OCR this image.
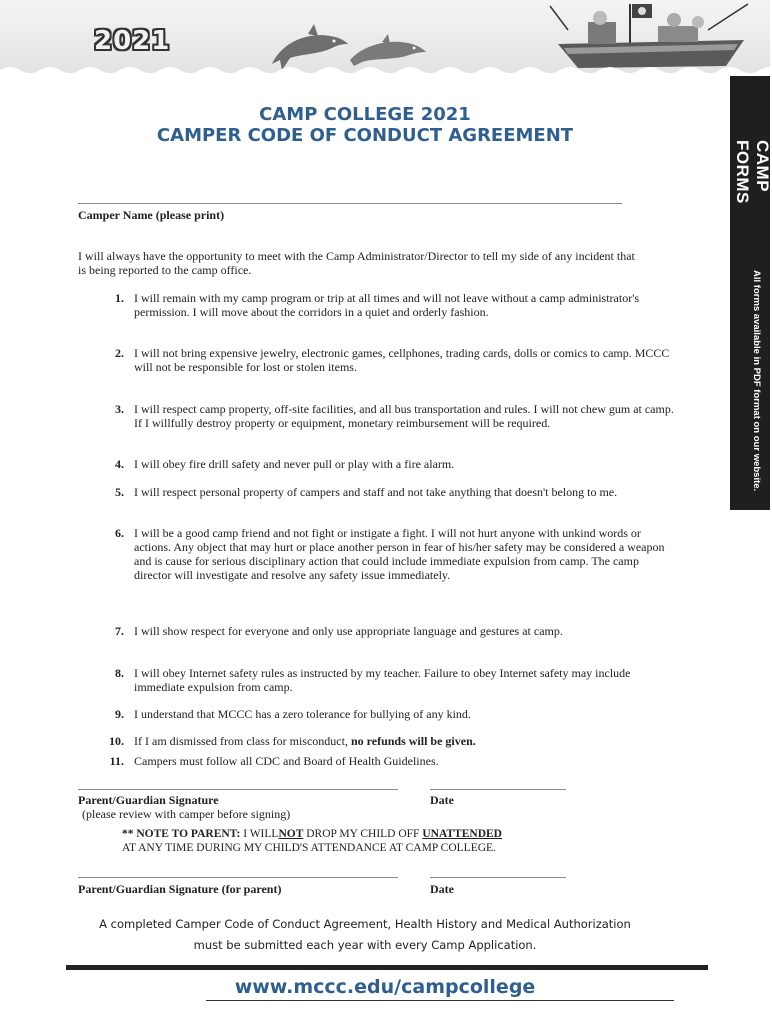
2021
CAMP FORMS
All forms available in PDF format on our website.
CAMP COLLEGE 2021
CAMPER CODE OF CONDUCT AGREEMENT
Camper Name (please print)
I will always have the opportunity to meet with the Camp Administrator/Director to tell my side of any incident that is being reported to the camp office.
1. I will remain with my camp program or trip at all times and will not leave without a camp administrator's permission. I will move about the corridors in a quiet and orderly fashion.
2. I will not bring expensive jewelry, electronic games, cellphones, trading cards, dolls or comics to camp. MCCC will not be responsible for lost or stolen items.
3. I will respect camp property, off-site facilities, and all bus transportation and rules. I will not chew gum at camp. If I willfully destroy property or equipment, monetary reimbursement will be required.
4. I will obey fire drill safety and never pull or play with a fire alarm.
5. I will respect personal property of campers and staff and not take anything that doesn't belong to me.
6. I will be a good camp friend and not fight or instigate a fight. I will not hurt anyone with unkind words or actions. Any object that may hurt or place another person in fear of his/her safety may be considered a weapon and is cause for serious disciplinary action that could include immediate expulsion from camp. The camp director will investigate and resolve any safety issue immediately.
7. I will show respect for everyone and only use appropriate language and gestures at camp.
8. I will obey Internet safety rules as instructed by my teacher. Failure to obey Internet safety may include immediate expulsion from camp.
9. I understand that MCCC has a zero tolerance for bullying of any kind.
10. If I am dismissed from class for misconduct, no refunds will be given.
11. Campers must follow all CDC and Board of Health Guidelines.
Parent/Guardian Signature	Date
(please review with camper before signing)
** NOTE TO PARENT: I WILLNOT DROP MY CHILD OFF UNATTENDED
AT ANY TIME DURING MY CHILD'S ATTENDANCE AT CAMP COLLEGE.
Parent/Guardian Signature (for parent)	Date
A completed Camper Code of Conduct Agreement, Health History and Medical Authorization
must be submitted each year with every Camp Application.
www.mccc.edu/campcollege
